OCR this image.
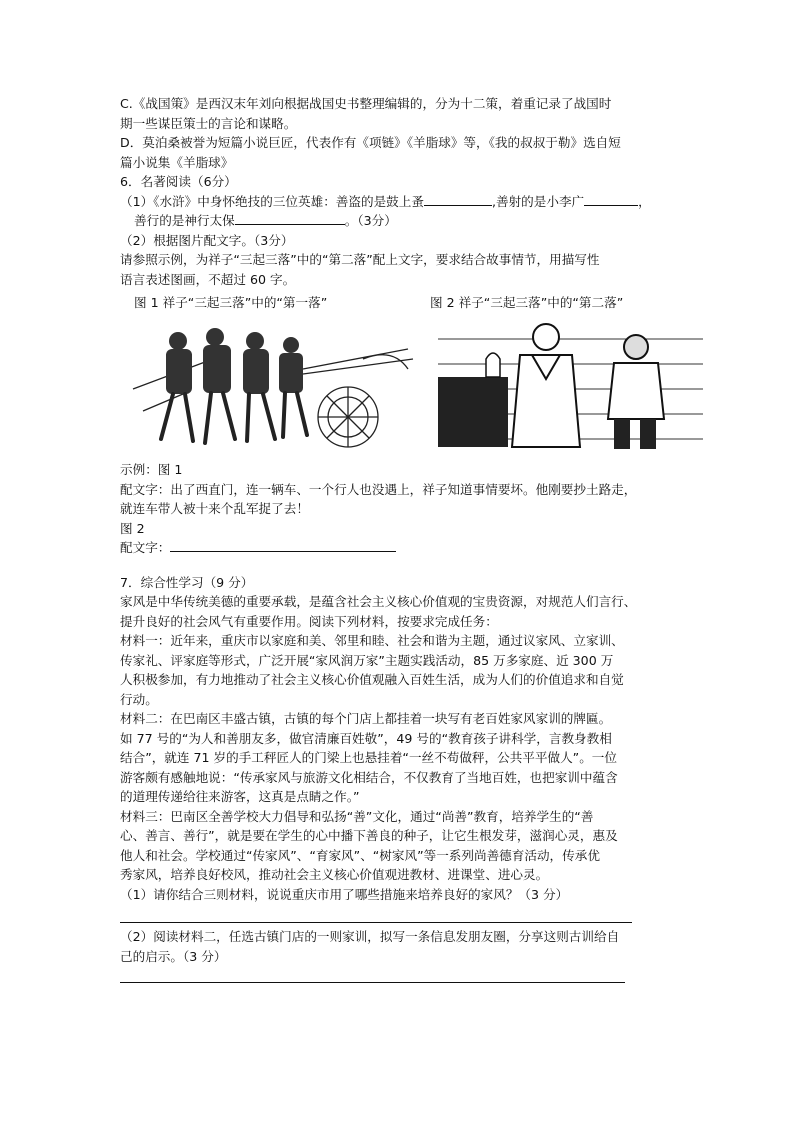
C.《战国策》是西汉末年刘向根据战国史书整理编辑的，分为十二策，着重记录了战国时
期一些谋臣策士的言论和谋略。
D．莫泊桑被誉为短篇小说巨匠，代表作有《项链》《羊脂球》等，《我的叔叔于勒》选自短
篇小说集《羊脂球》
6．名著阅读（6分）
（1）《水浒》中身怀绝技的三位英雄：善盗的是鼓上蚤	,善射的是小李广	，
善行的是神行太保	。（3分）
（2）根据图片配文字。（3分）
请参照示例，为祥子“三起三落”中的“第二落”配上文字，要求结合故事情节，用描写性
语言表述图画，不超过 60 字。
图 1 祥子“三起三落”中的“第一落”	图 2 祥子“三起三落”中的“第二落”
示例：图 1
配文字：出了西直门，连一辆车、一个行人也没遇上，祥子知道事情要坏。他刚要抄土路走，
就连车带人被十来个乱军捉了去！
图 2
配文字：
7．综合性学习（9 分）
家风是中华传统美德的重要承载，是蕴含社会主义核心价值观的宝贵资源，对规范人们言行、
提升良好的社会风气有重要作用。阅读下列材料，按要求完成任务：
材料一：近年来，重庆市以家庭和美、邻里和睦、社会和谐为主题，通过议家风、立家训、
传家礼、评家庭等形式，广泛开展“家风润万家”主题实践活动，85 万多家庭、近 300 万
人积极参加，有力地推动了社会主义核心价值观融入百姓生活，成为人们的价值追求和自觉
行动。
材料二：在巴南区丰盛古镇，古镇的每个门店上都挂着一块写有老百姓家风家训的牌匾。
如 77 号的“为人和善朋友多，做官清廉百姓敬”，49 号的“教育孩子讲科学，言教身教相
结合”，就连 71 岁的手工秤匠人的门梁上也悬挂着“一丝不苟做秤，公共平平做人”。一位
游客颇有感触地说：“传承家风与旅游文化相结合，不仅教育了当地百姓，也把家训中蕴含
的道理传递给往来游客，这真是点睛之作。”
材料三：巴南区全善学校大力倡导和弘扬“善”文化，通过“尚善”教育，培养学生的“善
心、善言、善行”，就是要在学生的心中播下善良的种子，让它生根发芽，滋润心灵，惠及
他人和社会。学校通过“传家风”、“育家风”、“树家风”等一系列尚善德育活动，传承优
秀家风，培养良好校风，推动社会主义核心价值观进教材、进课堂、进心灵。
（1）请你结合三则材料，说说重庆市用了哪些措施来培养良好的家风？（3 分）
（2）阅读材料二，任选古镇门店的一则家训，拟写一条信息发朋友圈，分享这则古训给自
己的启示。（3 分）
